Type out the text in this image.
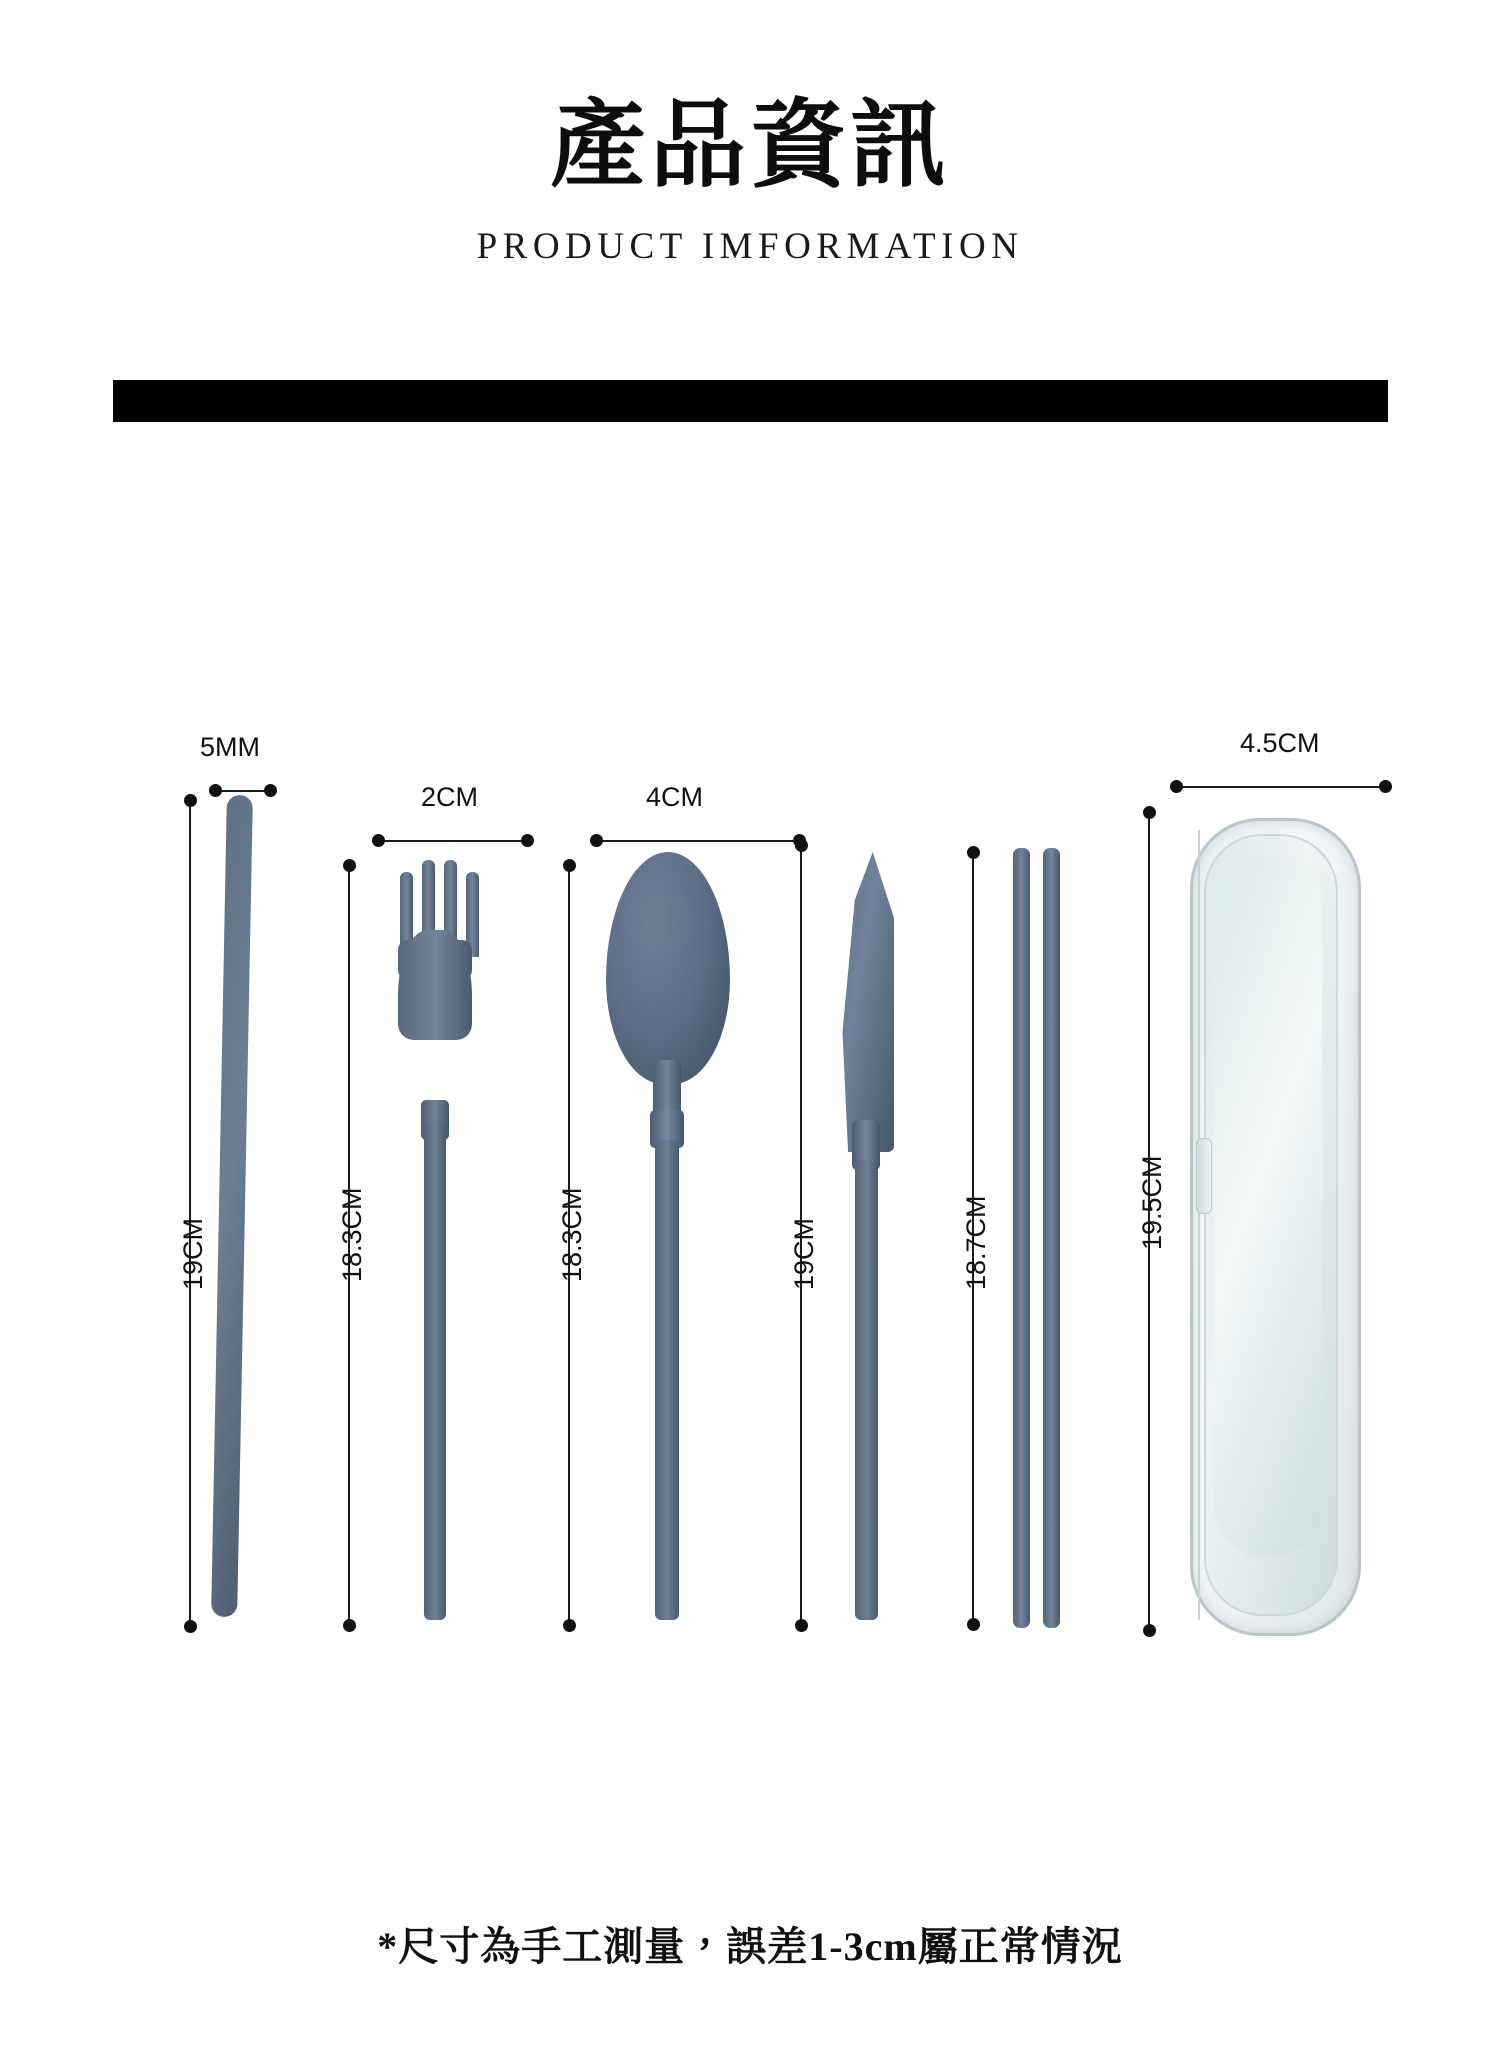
產品資訊
PRODUCT IMFORMATION
5MM
19CM
2CM
18.3CM
4CM
18.3CM	19CM	18.7CM
4.5CM
19.5CM
*尺寸為手工測量，誤差1-3cm屬正常情況
